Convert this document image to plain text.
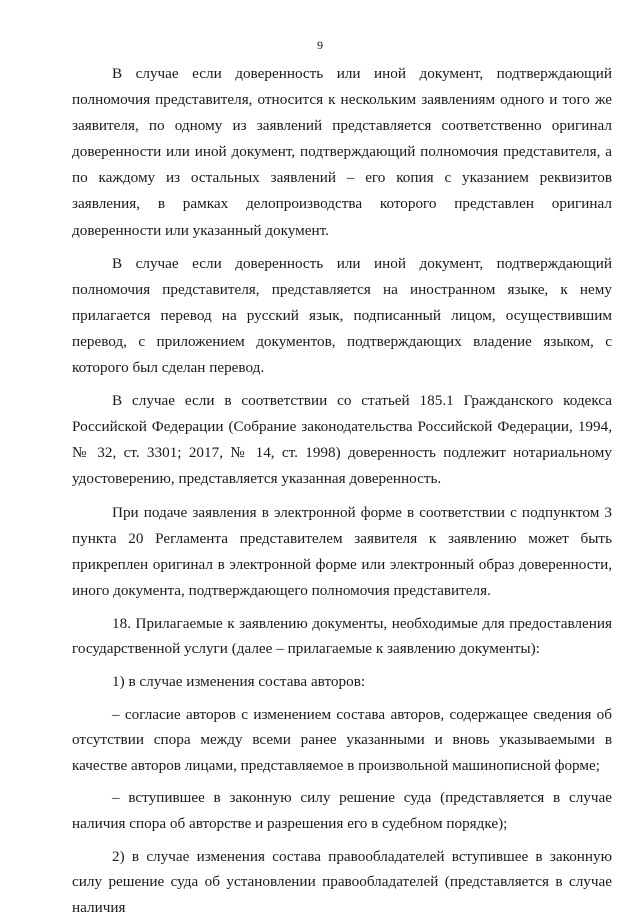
9

В случае если доверенность или иной документ, подтверждающий полномочия представителя, относится к нескольким заявлениям одного и того же заявителя, по одному из заявлений представляется соответственно оригинал доверенности или иной документ, подтверждающий полномочия представителя, а по каждому из остальных заявлений – его копия с указанием реквизитов заявления, в рамках делопроизводства которого представлен оригинал доверенности или указанный документ.

В случае если доверенность или иной документ, подтверждающий полномочия представителя, представляется на иностранном языке, к нему прилагается перевод на русский язык, подписанный лицом, осуществившим перевод, с приложением документов, подтверждающих владение языком, с которого был сделан перевод.

В случае если в соответствии со статьей 185.1 Гражданского кодекса Российской Федерации (Собрание законодательства Российской Федерации, 1994, № 32, ст. 3301; 2017, № 14, ст. 1998) доверенность подлежит нотариальному удостоверению, представляется указанная доверенность.

При подаче заявления в электронной форме в соответствии с подпунктом 3 пункта 20 Регламента представителем заявителя к заявлению может быть прикреплен оригинал в электронной форме или электронный образ доверенности, иного документа, подтверждающего полномочия представителя.

18. Прилагаемые к заявлению документы, необходимые для предоставления государственной услуги (далее – прилагаемые к заявлению документы):

1) в случае изменения состава авторов:

– согласие авторов с изменением состава авторов, содержащее сведения об отсутствии спора между всеми ранее указанными и вновь указываемыми в качестве авторов лицами, представляемое в произвольной машинописной форме;

– вступившее в законную силу решение суда (представляется в случае наличия спора об авторстве и разрешения его в судебном порядке);

2) в случае изменения состава правообладателей вступившее в законную силу решение суда об установлении правообладателей (представляется в случае наличия
